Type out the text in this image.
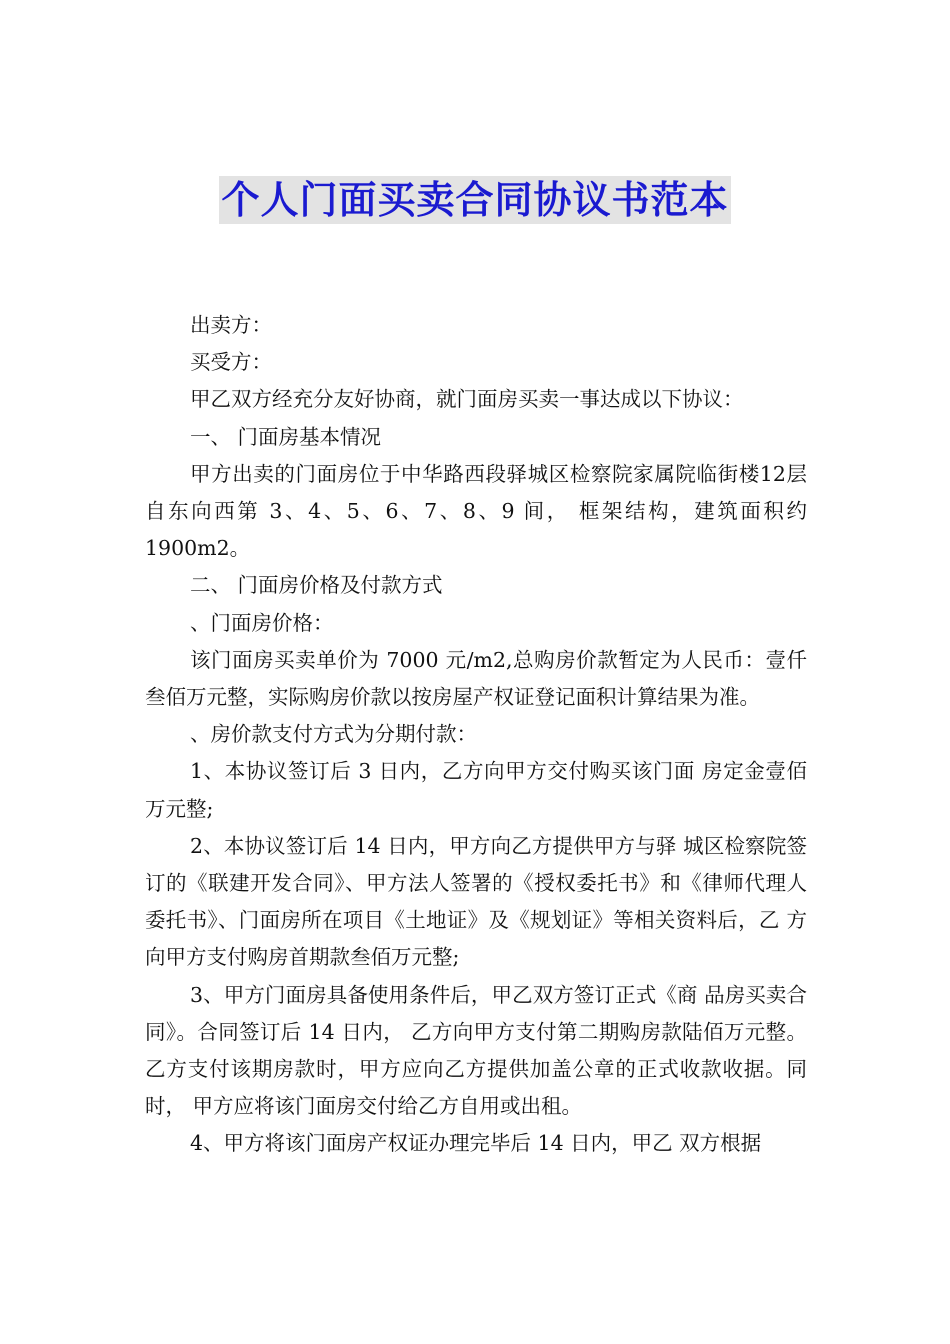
个人门面买卖合同协议书范本

出卖方：

买受方：

甲乙双方经充分友好协商，就门面房买卖一事达成以下协议：

一、 门面房基本情况

甲方出卖的门面房位于中华路西段驿城区检察院家属院临街楼12层自东向西第 3、4、5、6、7、8、9 间， 框架结构，建筑面积约 1900m2。

二、 门面房价格及付款方式

、门面房价格：

该门面房买卖单价为 7000 元/m2,总购房价款暂定为人民币：壹仟叁佰万元整，实际购房价款以按房屋产权证登记面积计算结果为准。

、房价款支付方式为分期付款：

1、本协议签订后 3 日内，乙方向甲方交付购买该门面 房定金壹佰万元整;

2、本协议签订后 14 日内，甲方向乙方提供甲方与驿 城区检察院签订的《联建开发合同》、甲方法人签署的《授权委托书》和《律师代理人委托书》、门面房所在项目《土地证》及《规划证》等相关资料后，乙 方向甲方支付购房首期款叁佰万元整;

3、甲方门面房具备使用条件后，甲乙双方签订正式《商 品房买卖合同》。合同签订后 14 日内， 乙方向甲方支付第二期购房款陆佰万元整。乙方支付该期房款时，甲方应向乙方提供加盖公章的正式收款收据。同时， 甲方应将该门面房交付给乙方自用或出租。

4、甲方将该门面房产权证办理完毕后 14 日内，甲乙 双方根据
